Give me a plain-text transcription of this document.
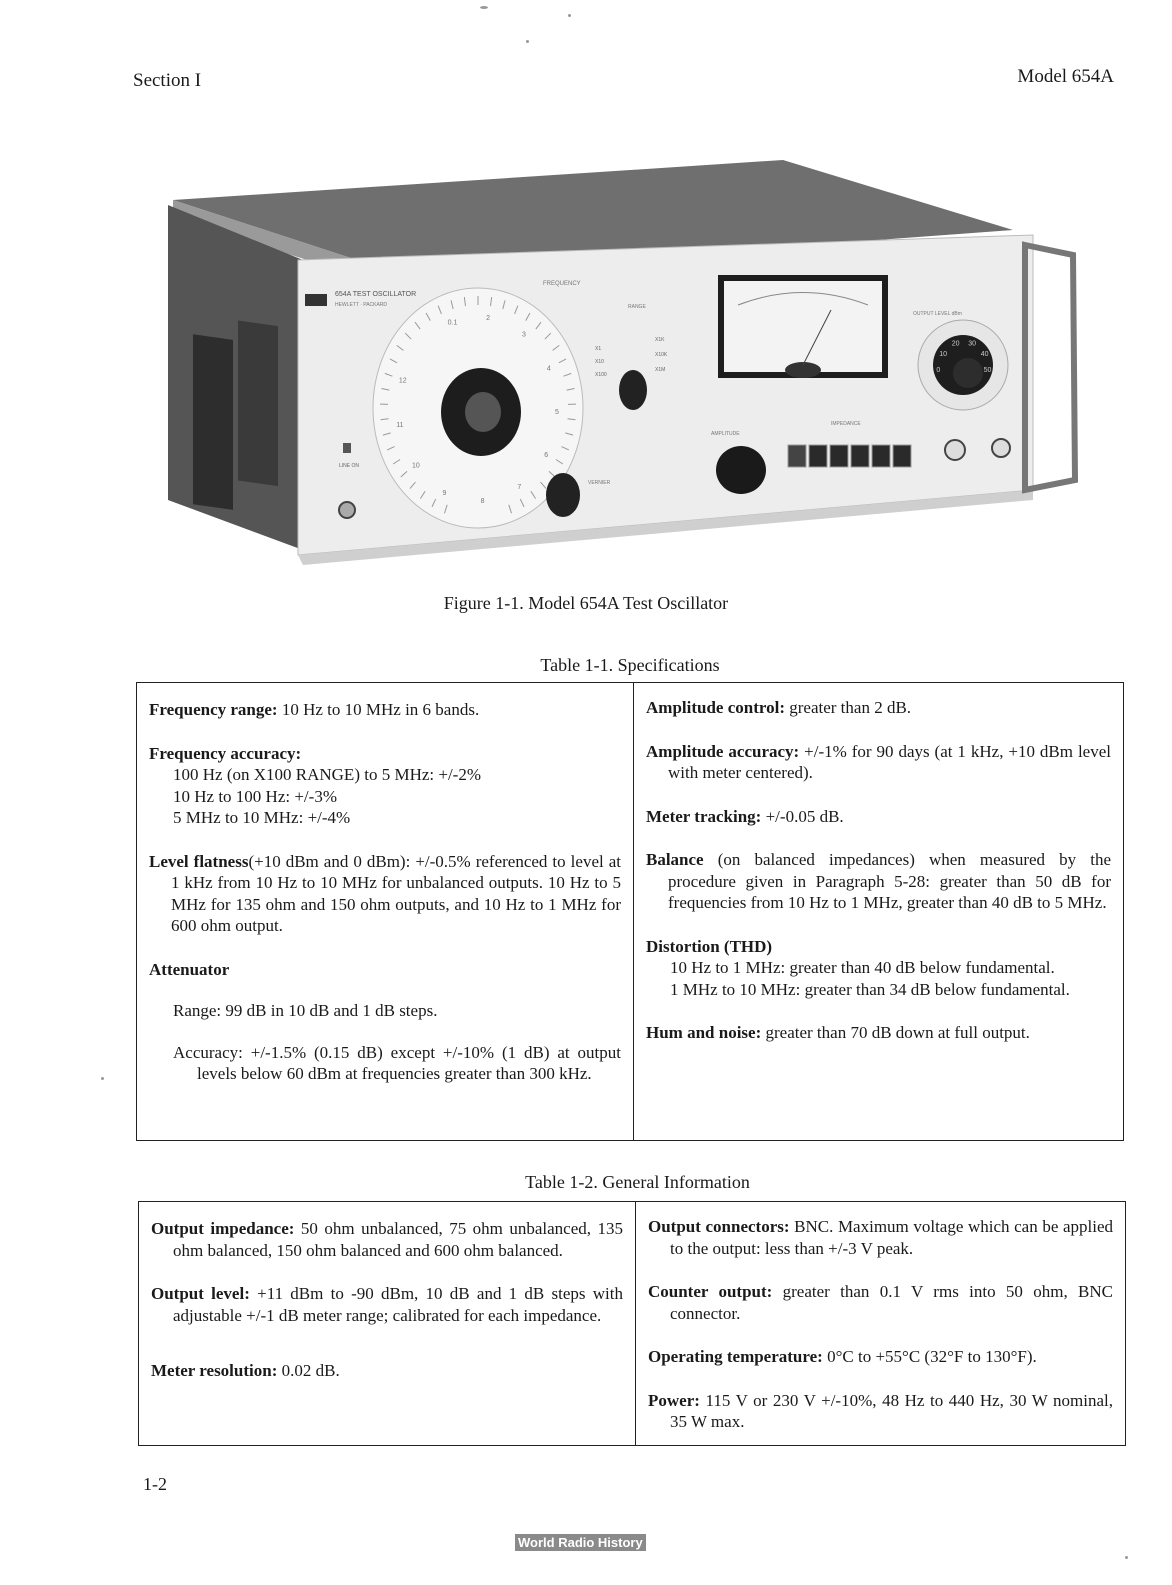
Section I	Model 654A
654A TEST OSCILLATOR
HEWLETT · PACKARD
FREQUENCY
RANGE
0.1
2
3
4
5
6
7
8
9
10
11
12
VERNIER
X1
X10
X100
X1K
X10K
X1M
OUTPUT LEVEL dBm
0
10
20 30
40
50
AMPLITUDE
IMPEDANCE
LINE ON
Figure 1-1. Model 654A Test Oscillator
Table 1-1. Specifications

Frequency range: 10 Hz to 10 MHz in 6 bands.

Frequency accuracy:
100 Hz (on X100 RANGE) to 5 MHz: +/-2%
10 Hz to 100 Hz: +/-3%
5 MHz to 10 MHz: +/-4%

Level flatness(+10 dBm and 0 dBm): +/-0.5% referenced to level at 1 kHz from 10 Hz to 10 MHz for unbalanced outputs. 10 Hz to 5 MHz for 135 ohm and 150 ohm outputs, and 10 Hz to 1 MHz for 600 ohm output.

Attenuator
Range: 99 dB in 10 dB and 1 dB steps.
Accuracy: +/-1.5% (0.15 dB) except +/-10% (1 dB) at output levels below 60 dBm at frequencies greater than 300 kHz.

Amplitude control: greater than 2 dB.

Amplitude accuracy: +/-1% for 90 days (at 1 kHz, +10 dBm level with meter centered).

Meter tracking: +/-0.05 dB.

Balance (on balanced impedances) when measured by the procedure given in Paragraph 5-28: greater than 50 dB for frequencies from 10 Hz to 1 MHz, greater than 40 dB to 5 MHz.

Distortion (THD)
10 Hz to 1 MHz: greater than 40 dB below fundamental.
1 MHz to 10 MHz: greater than 34 dB below fundamental.

Hum and noise: greater than 70 dB down at full output.

Table 1-2. General Information

Output impedance: 50 ohm unbalanced, 75 ohm unbalanced, 135 ohm balanced, 150 ohm balanced and 600 ohm balanced.

Output level: +11 dBm to -90 dBm, 10 dB and 1 dB steps with adjustable +/-1 dB meter range; calibrated for each impedance.

Meter resolution: 0.02 dB.

Output connectors: BNC. Maximum voltage which can be applied to the output: less than +/-3 V peak.

Counter output: greater than 0.1 V rms into 50 ohm, BNC connector.

Operating temperature: 0°C to +55°C (32°F to 130°F).

Power: 115 V or 230 V +/-10%, 48 Hz to 440 Hz, 30 W nominal, 35 W max.

1-2
World Radio History
